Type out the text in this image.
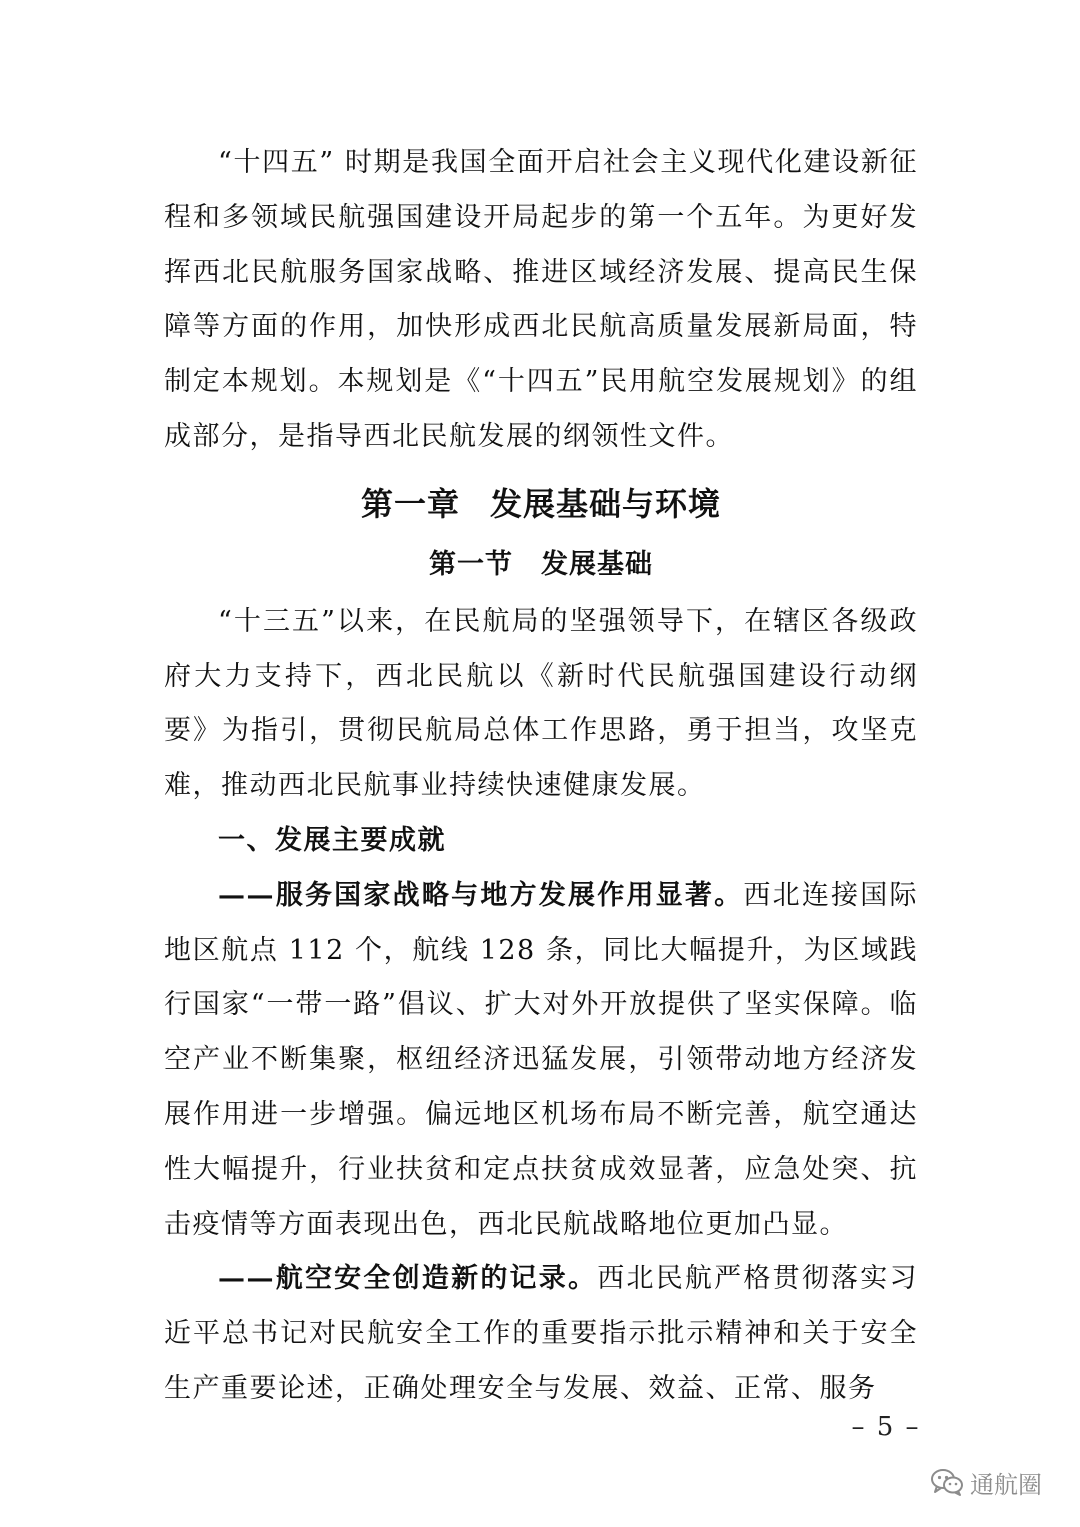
“十四五” 时期是我国全面开启社会主义现代化建设新征程和多领域民航强国建设开局起步的第一个五年。为更好发挥西北民航服务国家战略、推进区域经济发展、提高民生保障等方面的作用，加快形成西北民航高质量发展新局面，特制定本规划。本规划是《“十四五”民用航空发展规划》的组成部分，是指导西北民航发展的纲领性文件。

第一章 发展基础与环境
第一节 发展基础

“十三五”以来，在民航局的坚强领导下，在辖区各级政府大力支持下，西北民航以《新时代民航强国建设行动纲要》为指引，贯彻民航局总体工作思路，勇于担当，攻坚克难，推动西北民航事业持续快速健康发展。

一、发展主要成就

——服务国家战略与地方发展作用显著。西北连接国际地区航点 112 个，航线 128 条，同比大幅提升，为区域践行国家“一带一路”倡议、扩大对外开放提供了坚实保障。临空产业不断集聚，枢纽经济迅猛发展，引领带动地方经济发展作用进一步增强。偏远地区机场布局不断完善，航空通达性大幅提升，行业扶贫和定点扶贫成效显著，应急处突、抗击疫情等方面表现出色，西北民航战略地位更加凸显。

——航空安全创造新的记录。西北民航严格贯彻落实习近平总书记对民航安全工作的重要指示批示精神和关于安全生产重要论述，正确处理安全与发展、效益、正常、服务

– 5 –
通航圈
